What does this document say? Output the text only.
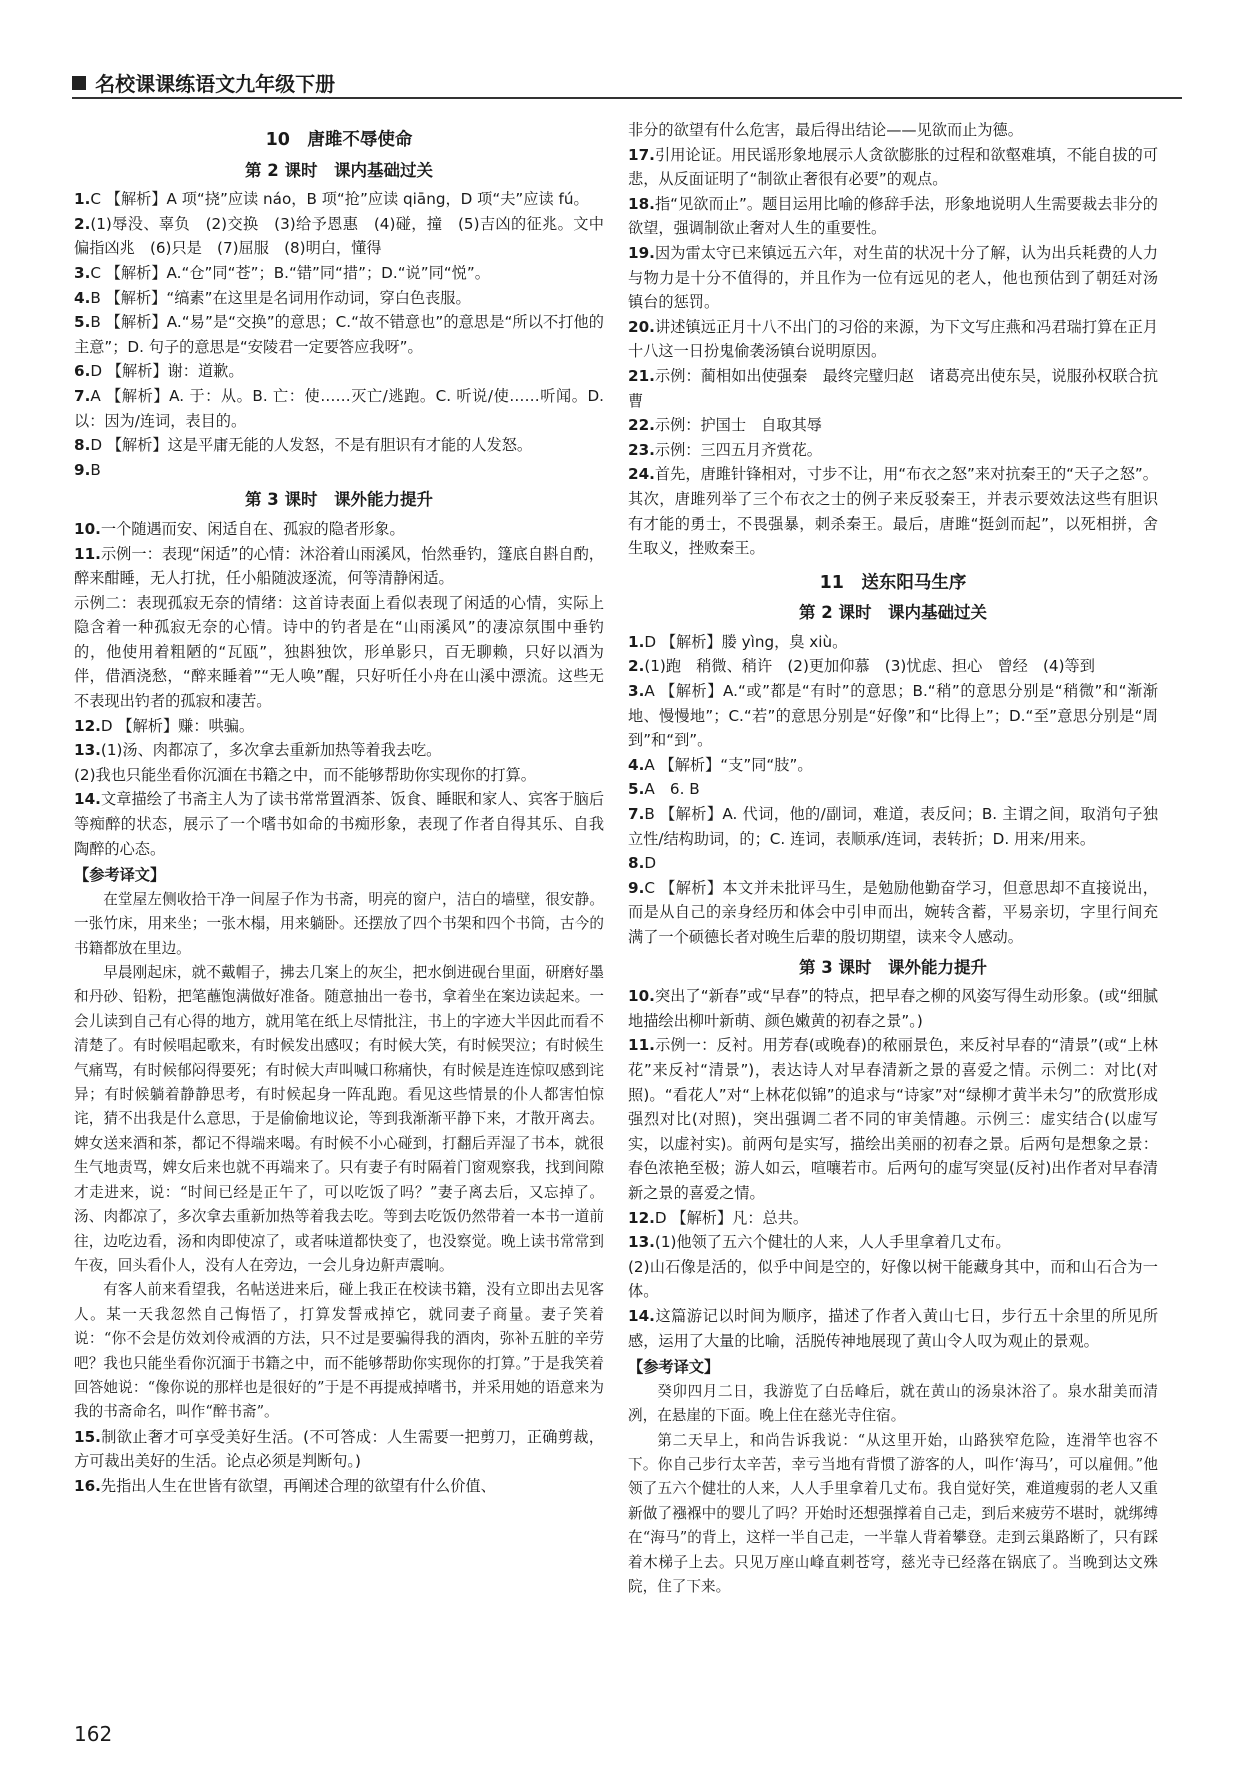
名校课课练语文九年级下册
10　唐雎不辱使命
第 2 课时　课内基础过关
1.C 【解析】A 项“挠”应读 náo，B 项“抢”应读 qiāng，D 项“夫”应读 fú。
2.(1)辱没、辜负　(2)交换　(3)给予恩惠　(4)碰，撞　(5)吉凶的征兆。文中偏指凶兆　(6)只是　(7)屈服　(8)明白，懂得
3.C 【解析】A.“仓”同“苍”；B.“错”同“措”；D.“说”同“悦”。
4.B 【解析】“缟素”在这里是名词用作动词，穿白色丧服。
5.B 【解析】A.“易”是“交换”的意思；C.“故不错意也”的意思是“所以不打他的主意”；D. 句子的意思是“安陵君一定要答应我呀”。
6.D 【解析】谢：道歉。
7.A 【解析】A. 于：从。B. 亡：使……灭亡/逃跑。C. 听说/使……听闻。D. 以：因为/连词，表目的。
8.D 【解析】这是平庸无能的人发怒，不是有胆识有才能的人发怒。
9.B
第 3 课时　课外能力提升
10.一个随遇而安、闲适自在、孤寂的隐者形象。
11.示例一：表现“闲适”的心情：沐浴着山雨溪风，怡然垂钓，篷底自斟自酌，醉来酣睡，无人打扰，任小船随波逐流，何等清静闲适。
示例二：表现孤寂无奈的情绪：这首诗表面上看似表现了闲适的心情，实际上隐含着一种孤寂无奈的心情。诗中的钓者是在“山雨溪风”的凄凉氛围中垂钓的，他使用着粗陋的“瓦瓯”，独斟独饮，形单影只，百无聊赖，只好以酒为伴，借酒浇愁，“醉来睡着”“无人唤”醒，只好听任小舟在山溪中漂流。这些无不表现出钓者的孤寂和凄苦。
12.D 【解析】赚：哄骗。
13.(1)汤、肉都凉了，多次拿去重新加热等着我去吃。
(2)我也只能坐看你沉湎在书籍之中，而不能够帮助你实现你的打算。
14.文章描绘了书斋主人为了读书常常置酒茶、饭食、睡眠和家人、宾客于脑后等痴醉的状态，展示了一个嗜书如命的书痴形象，表现了作者自得其乐、自我陶醉的心态。
【参考译文】
在堂屋左侧收拾干净一间屋子作为书斋，明亮的窗户，洁白的墙壁，很安静。一张竹床，用来坐；一张木榻，用来躺卧。还摆放了四个书架和四个书筒，古今的书籍都放在里边。
早晨刚起床，就不戴帽子，拂去几案上的灰尘，把水倒进砚台里面，研磨好墨和丹砂、铅粉，把笔蘸饱满做好准备。随意抽出一卷书，拿着坐在案边读起来。一会儿读到自己有心得的地方，就用笔在纸上尽情批注，书上的字迹大半因此而看不清楚了。有时候唱起歌来，有时候发出感叹；有时候大笑，有时候哭泣；有时候生气痛骂，有时候郁闷得要死；有时候大声叫喊口称痛快，有时候是连连惊叹感到诧异；有时候躺着静静思考，有时候起身一阵乱跑。看见这些情景的仆人都害怕惊诧，猜不出我是什么意思，于是偷偷地议论，等到我渐渐平静下来，才散开离去。婢女送来酒和茶，都记不得端来喝。有时候不小心碰到，打翻后弄湿了书本，就很生气地责骂，婢女后来也就不再端来了。只有妻子有时隔着门窗观察我，找到间隙才走进来，说：“时间已经是正午了，可以吃饭了吗？”妻子离去后，又忘掉了。汤、肉都凉了，多次拿去重新加热等着我去吃。等到去吃饭仍然带着一本书一道前往，边吃边看，汤和肉即使凉了，或者味道都快变了，也没察觉。晚上读书常常到午夜，回头看仆人，没有人在旁边，一会儿身边鼾声震响。
有客人前来看望我，名帖送进来后，碰上我正在校读书籍，没有立即出去见客人。某一天我忽然自己悔悟了，打算发誓戒掉它，就同妻子商量。妻子笑着说：“你不会是仿效刘伶戒酒的方法，只不过是要骗得我的酒肉，弥补五脏的辛劳吧？我也只能坐看你沉湎于书籍之中，而不能够帮助你实现你的打算。”于是我笑着回答她说：“像你说的那样也是很好的”于是不再提戒掉嗜书，并采用她的语意来为我的书斋命名，叫作“醉书斋”。
15.制欲止奢才可享受美好生活。(不可答成：人生需要一把剪刀，正确剪裁，方可裁出美好的生活。论点必须是判断句。)
16.先指出人生在世皆有欲望，再阐述合理的欲望有什么价值、
非分的欲望有什么危害，最后得出结论——见欲而止为德。
17.引用论证。用民谣形象地展示人贪欲膨胀的过程和欲壑难填，不能自拔的可悲，从反面证明了“制欲止奢很有必要”的观点。
18.指“见欲而止”。题目运用比喻的修辞手法，形象地说明人生需要裁去非分的欲望，强调制欲止奢对人生的重要性。
19.因为雷太守已来镇远五六年，对生苗的状况十分了解，认为出兵耗费的人力与物力是十分不值得的，并且作为一位有远见的老人，他也预估到了朝廷对汤镇台的惩罚。
20.讲述镇远正月十八不出门的习俗的来源，为下文写庄燕和冯君瑞打算在正月十八这一日扮鬼偷袭汤镇台说明原因。
21.示例：蔺相如出使强秦　最终完璧归赵　诸葛亮出使东吴，说服孙权联合抗曹
22.示例：护国士　自取其辱
23.示例：三四五月齐赏花。
24.首先，唐雎针锋相对，寸步不让，用“布衣之怒”来对抗秦王的“天子之怒”。其次，唐雎列举了三个布衣之士的例子来反驳秦王，并表示要效法这些有胆识有才能的勇士，不畏强暴，刺杀秦王。最后，唐雎“挺剑而起”，以死相拼，舍生取义，挫败秦王。
11　送东阳马生序
第 2 课时　课内基础过关
1.D 【解析】媵 yìng，臭 xiù。
2.(1)跑　稍微、稍许　(2)更加仰慕　(3)忧虑、担心　曾经　(4)等到
3.A 【解析】A.“或”都是“有时”的意思；B.“稍”的意思分别是“稍微”和“渐渐地、慢慢地”；C.“若”的意思分别是“好像”和“比得上”；D.“至”意思分别是“周到”和“到”。
4.A 【解析】“支”同“肢”。
5.A　6. B
7.B 【解析】A. 代词，他的/副词，难道，表反问；B. 主谓之间，取消句子独立性/结构助词，的；C. 连词，表顺承/连词，表转折；D. 用来/用来。
8.D
9.C 【解析】本文并未批评马生，是勉励他勤奋学习，但意思却不直接说出，而是从自己的亲身经历和体会中引申而出，婉转含蓄，平易亲切，字里行间充满了一个硕德长者对晚生后辈的殷切期望，读来令人感动。
第 3 课时　课外能力提升
10.突出了“新春”或“早春”的特点，把早春之柳的风姿写得生动形象。(或“细腻地描绘出柳叶新萌、颜色嫩黄的初春之景”。)
11.示例一：反衬。用芳春(或晚春)的秾丽景色，来反衬早春的“清景”(或“上林花”来反衬“清景”)，表达诗人对早春清新之景的喜爱之情。示例二：对比(对照)。“看花人”对“上林花似锦”的追求与“诗家”对“绿柳才黄半未匀”的欣赏形成强烈对比(对照)，突出强调二者不同的审美情趣。示例三：虚实结合(以虚写实，以虚衬实)。前两句是实写，描绘出美丽的初春之景。后两句是想象之景：春色浓艳至极；游人如云，喧嚷若市。后两句的虚写突显(反衬)出作者对早春清新之景的喜爱之情。
12.D 【解析】凡：总共。
13.(1)他领了五六个健壮的人来，人人手里拿着几丈布。
(2)山石像是活的，似乎中间是空的，好像以树干能藏身其中，而和山石合为一体。
14.这篇游记以时间为顺序，描述了作者入黄山七日，步行五十余里的所见所感，运用了大量的比喻，活脱传神地展现了黄山令人叹为观止的景观。
【参考译文】
癸卯四月二日，我游览了白岳峰后，就在黄山的汤泉沐浴了。泉水甜美而清冽，在悬崖的下面。晚上住在慈光寺住宿。
第二天早上，和尚告诉我说：“从这里开始，山路狭窄危险，连滑竿也容不下。你自己步行太辛苦，幸亏当地有背惯了游客的人，叫作‘海马’，可以雇佣。”他领了五六个健壮的人来，人人手里拿着几丈布。我自觉好笑，难道瘦弱的老人又重新做了襁褓中的婴儿了吗？开始时还想强撑着自己走，到后来疲劳不堪时，就绑缚在“海马”的背上，这样一半自己走，一半靠人背着攀登。走到云巢路断了，只有踩着木梯子上去。只见万座山峰直刺苍穹，慈光寺已经落在锅底了。当晚到达文殊院，住了下来。
162
